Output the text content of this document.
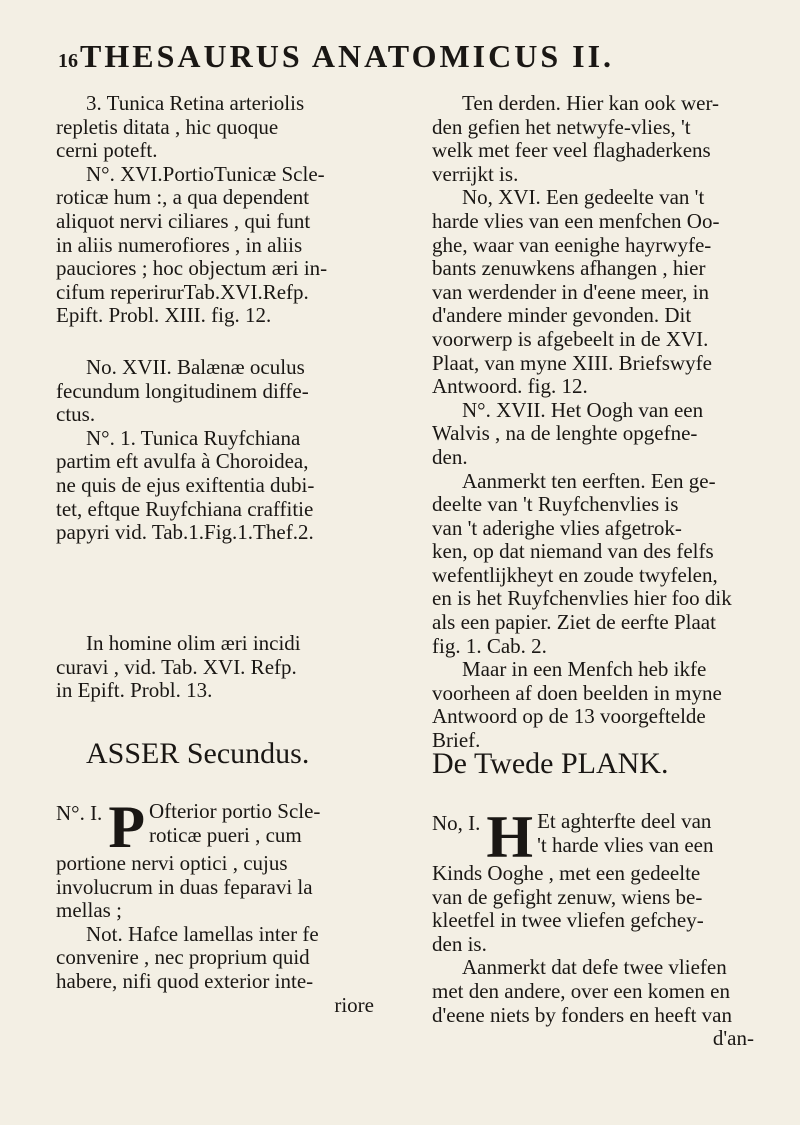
16 THESAURUS ANATOMICUS II.
3. Tunica Retina arteriolis
repletis ditata , hic quoque
cerni poteft.
N°. XVI.PortioTunicæ Scle-
roticæ hum :, a qua dependent
aliquot nervi ciliares , qui funt
in aliis numerofiores , in aliis
pauciores ; hoc objectum æri in-
cifum reperirurTab.XVI.Refp.
Epift. Probl. XIII. fig. 12.
No. XVII. Balænæ oculus
fecundum longitudinem diffe-
ctus.
N°. 1. Tunica Ruyfchiana
partim eft avulfa à Choroidea,
ne quis de ejus exiftentia dubi-
tet, eftque Ruyfchiana craffitie
papyri vid. Tab.1.Fig.1.Thef.2.
In homine olim æri incidi
curavi , vid. Tab. XVI. Refp.
in Epift. Probl. 13.
ASSER Secundus.
N°. I. P Ofterior portio Scle-
roticæ pueri , cum
portione nervi optici , cujus
involucrum in duas feparavi la
mellas ;
Not. Hafce lamellas inter fe
convenire , nec proprium quid
habere, nifi quod exterior inte-
riore
Ten derden. Hier kan ook wer-
den gefien het netwyfe-vlies, 't
welk met feer veel flaghaderkens
verrijkt is.
No, XVI. Een gedeelte van 't
harde vlies van een menfchen Oo-
ghe, waar van eenighe hayrwyfe-
bants zenuwkens afhangen , hier
van werdender in d'eene meer, in
d'andere minder gevonden. Dit
voorwerp is afgebeelt in de XVI.
Plaat, van myne XIII. Briefswyfe
Antwoord. fig. 12.
N°. XVII. Het Oogh van een
Walvis , na de lenghte opgefne-
den.
Aanmerkt ten eerften. Een ge-
deelte van 't Ruyfchenvlies is
van 't aderighe vlies afgetrok-
ken, op dat niemand van des felfs
wefentlijkheyt en zoude twyfelen,
en is het Ruyfchenvlies hier foo dik
als een papier. Ziet de eerfte Plaat
fig. 1. Cab. 2.
Maar in een Menfch heb ikfe
voorheen af doen beelden in myne
Antwoord op de 13 voorgeftelde
Brief.
De Twede PLANK.
No, I. H Et aghterfte deel van
't harde vlies van een
Kinds Ooghe , met een gedeelte
van de gefight zenuw, wiens be-
kleetfel in twee vliefen gefchey-
den is.
Aanmerkt dat defe twee vliefen
met den andere, over een komen en
d'eene niets by fonders en heeft van
d'an-
